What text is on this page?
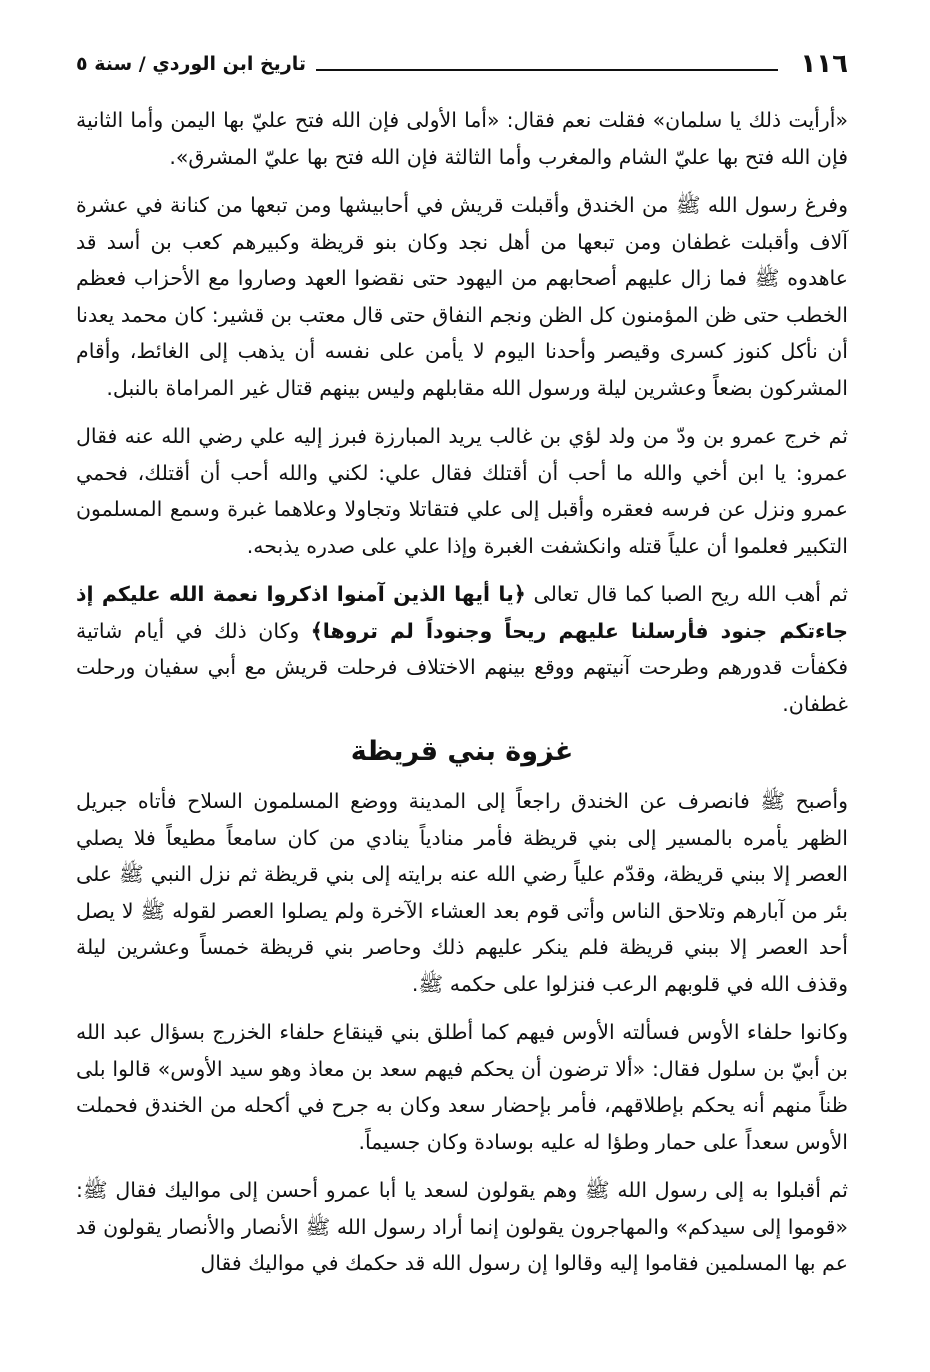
١١٦
تاريخ ابن الوردي / سنة ٥

«أرأيت ذلك يا سلمان» فقلت نعم فقال: «أما الأولى فإن الله فتح عليّ بها اليمن وأما الثانية فإن الله فتح بها عليّ الشام والمغرب وأما الثالثة فإن الله فتح بها عليّ المشرق».

وفرغ رسول الله ﷺ من الخندق وأقبلت قريش في أحابيشها ومن تبعها من كنانة في عشرة آلاف وأقبلت غطفان ومن تبعها من أهل نجد وكان بنو قريظة وكبيرهم كعب بن أسد قد عاهدوه ﷺ فما زال عليهم أصحابهم من اليهود حتى نقضوا العهد وصاروا مع الأحزاب فعظم الخطب حتى ظن المؤمنون كل الظن ونجم النفاق حتى قال معتب بن قشير: كان محمد يعدنا أن نأكل كنوز كسرى وقيصر وأحدنا اليوم لا يأمن على نفسه أن يذهب إلى الغائط، وأقام المشركون بضعاً وعشرين ليلة ورسول الله مقابلهم وليس بينهم قتال غير المراماة بالنبل.

ثم خرج عمرو بن ودّ من ولد لؤي بن غالب يريد المبارزة فبرز إليه علي رضي الله عنه فقال عمرو: يا ابن أخي والله ما أحب أن أقتلك فقال علي: لكني والله أحب أن أقتلك، فحمي عمرو ونزل عن فرسه فعقره وأقبل إلى علي فتقاتلا وتجاولا وعلاهما غبرة وسمع المسلمون التكبير فعلموا أن علياً قتله وانكشفت الغبرة وإذا علي على صدره يذبحه.

ثم أهب الله ريح الصبا كما قال تعالى ﴿يا أيها الذين آمنوا اذكروا نعمة الله عليكم إذ جاءتكم جنود فأرسلنا عليهم ريحاً وجنوداً لم تروها﴾ وكان ذلك في أيام شاتية فكفأت قدورهم وطرحت آنيتهم ووقع بينهم الاختلاف فرحلت قريش مع أبي سفيان ورحلت غطفان.

غزوة بني قريظة

وأصبح ﷺ فانصرف عن الخندق راجعاً إلى المدينة ووضع المسلمون السلاح فأتاه جبريل الظهر يأمره بالمسير إلى بني قريظة فأمر منادياً ينادي من كان سامعاً مطيعاً فلا يصلي العصر إلا ببني قريظة، وقدّم علياً رضي الله عنه برايته إلى بني قريظة ثم نزل النبي ﷺ على بئر من آبارهم وتلاحق الناس وأتى قوم بعد العشاء الآخرة ولم يصلوا العصر لقوله ﷺ لا يصل أحد العصر إلا ببني قريظة فلم ينكر عليهم ذلك وحاصر بني قريظة خمساً وعشرين ليلة وقذف الله في قلوبهم الرعب فنزلوا على حكمه ﷺ.

وكانوا حلفاء الأوس فسألته الأوس فيهم كما أطلق بني قينقاع حلفاء الخزرج بسؤال عبد الله بن أبيّ بن سلول فقال: «ألا ترضون أن يحكم فيهم سعد بن معاذ وهو سيد الأوس» قالوا بلى ظناً منهم أنه يحكم بإطلاقهم، فأمر بإحضار سعد وكان به جرح في أكحله من الخندق فحملت الأوس سعداً على حمار وطؤا له عليه بوسادة وكان جسيماً.

ثم أقبلوا به إلى رسول الله ﷺ وهم يقولون لسعد يا أبا عمرو أحسن إلى مواليك فقال ﷺ: «قوموا إلى سيدكم» والمهاجرون يقولون إنما أراد رسول الله ﷺ الأنصار والأنصار يقولون قد عم بها المسلمين فقاموا إليه وقالوا إن رسول الله قد حكمك في مواليك فقال
